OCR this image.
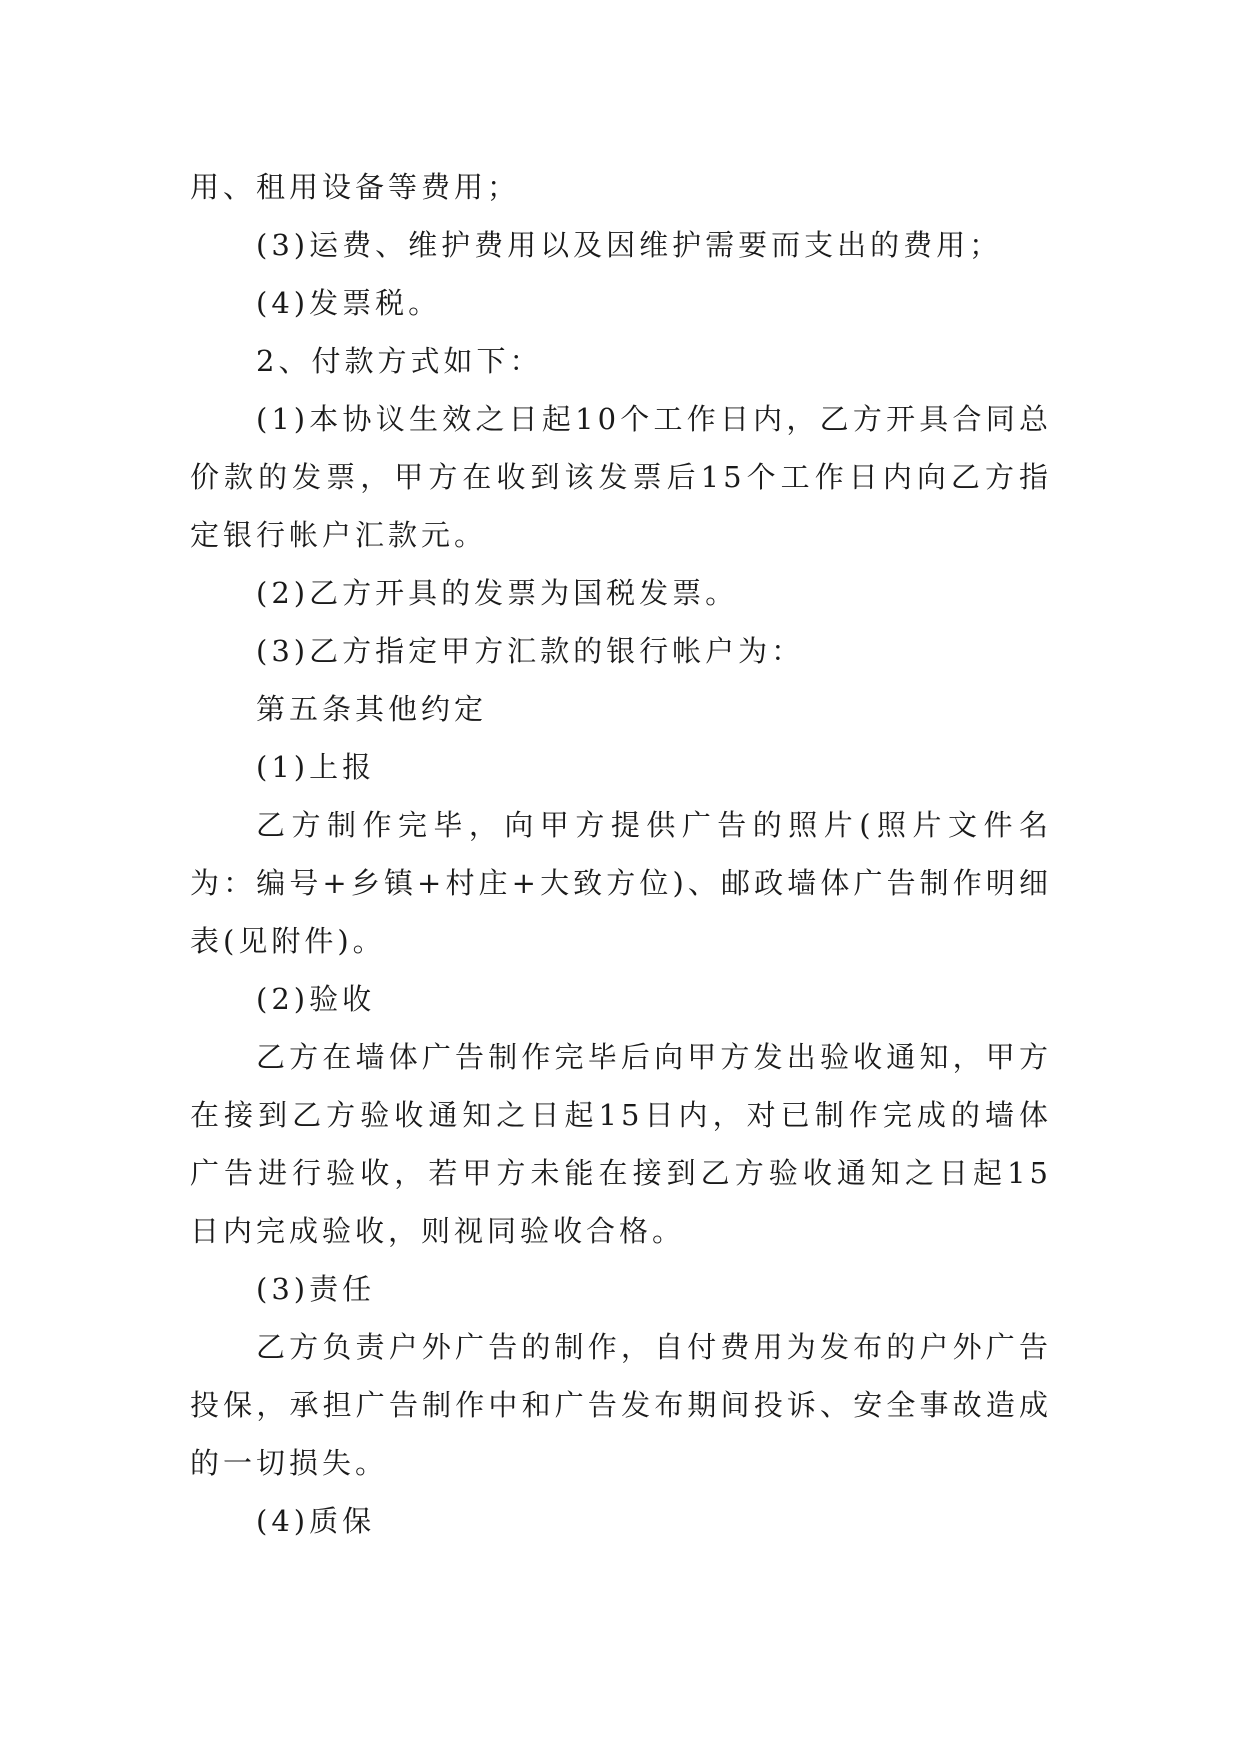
用、租用设备等费用；

(3)运费、维护费用以及因维护需要而支出的费用；

(4)发票税。

2、付款方式如下：

(1)本协议生效之日起10个工作日内，乙方开具合同总价款的发票，甲方在收到该发票后15个工作日内向乙方指定银行帐户汇款元。

(2)乙方开具的发票为国税发票。

(3)乙方指定甲方汇款的银行帐户为：

第五条其他约定

(1)上报

乙方制作完毕，向甲方提供广告的照片(照片文件名为：编号+乡镇+村庄+大致方位)、邮政墙体广告制作明细表(见附件)。

(2)验收

乙方在墙体广告制作完毕后向甲方发出验收通知，甲方在接到乙方验收通知之日起15日内，对已制作完成的墙体广告进行验收，若甲方未能在接到乙方验收通知之日起15日内完成验收，则视同验收合格。

(3)责任

乙方负责户外广告的制作，自付费用为发布的户外广告投保，承担广告制作中和广告发布期间投诉、安全事故造成的一切损失。

(4)质保
